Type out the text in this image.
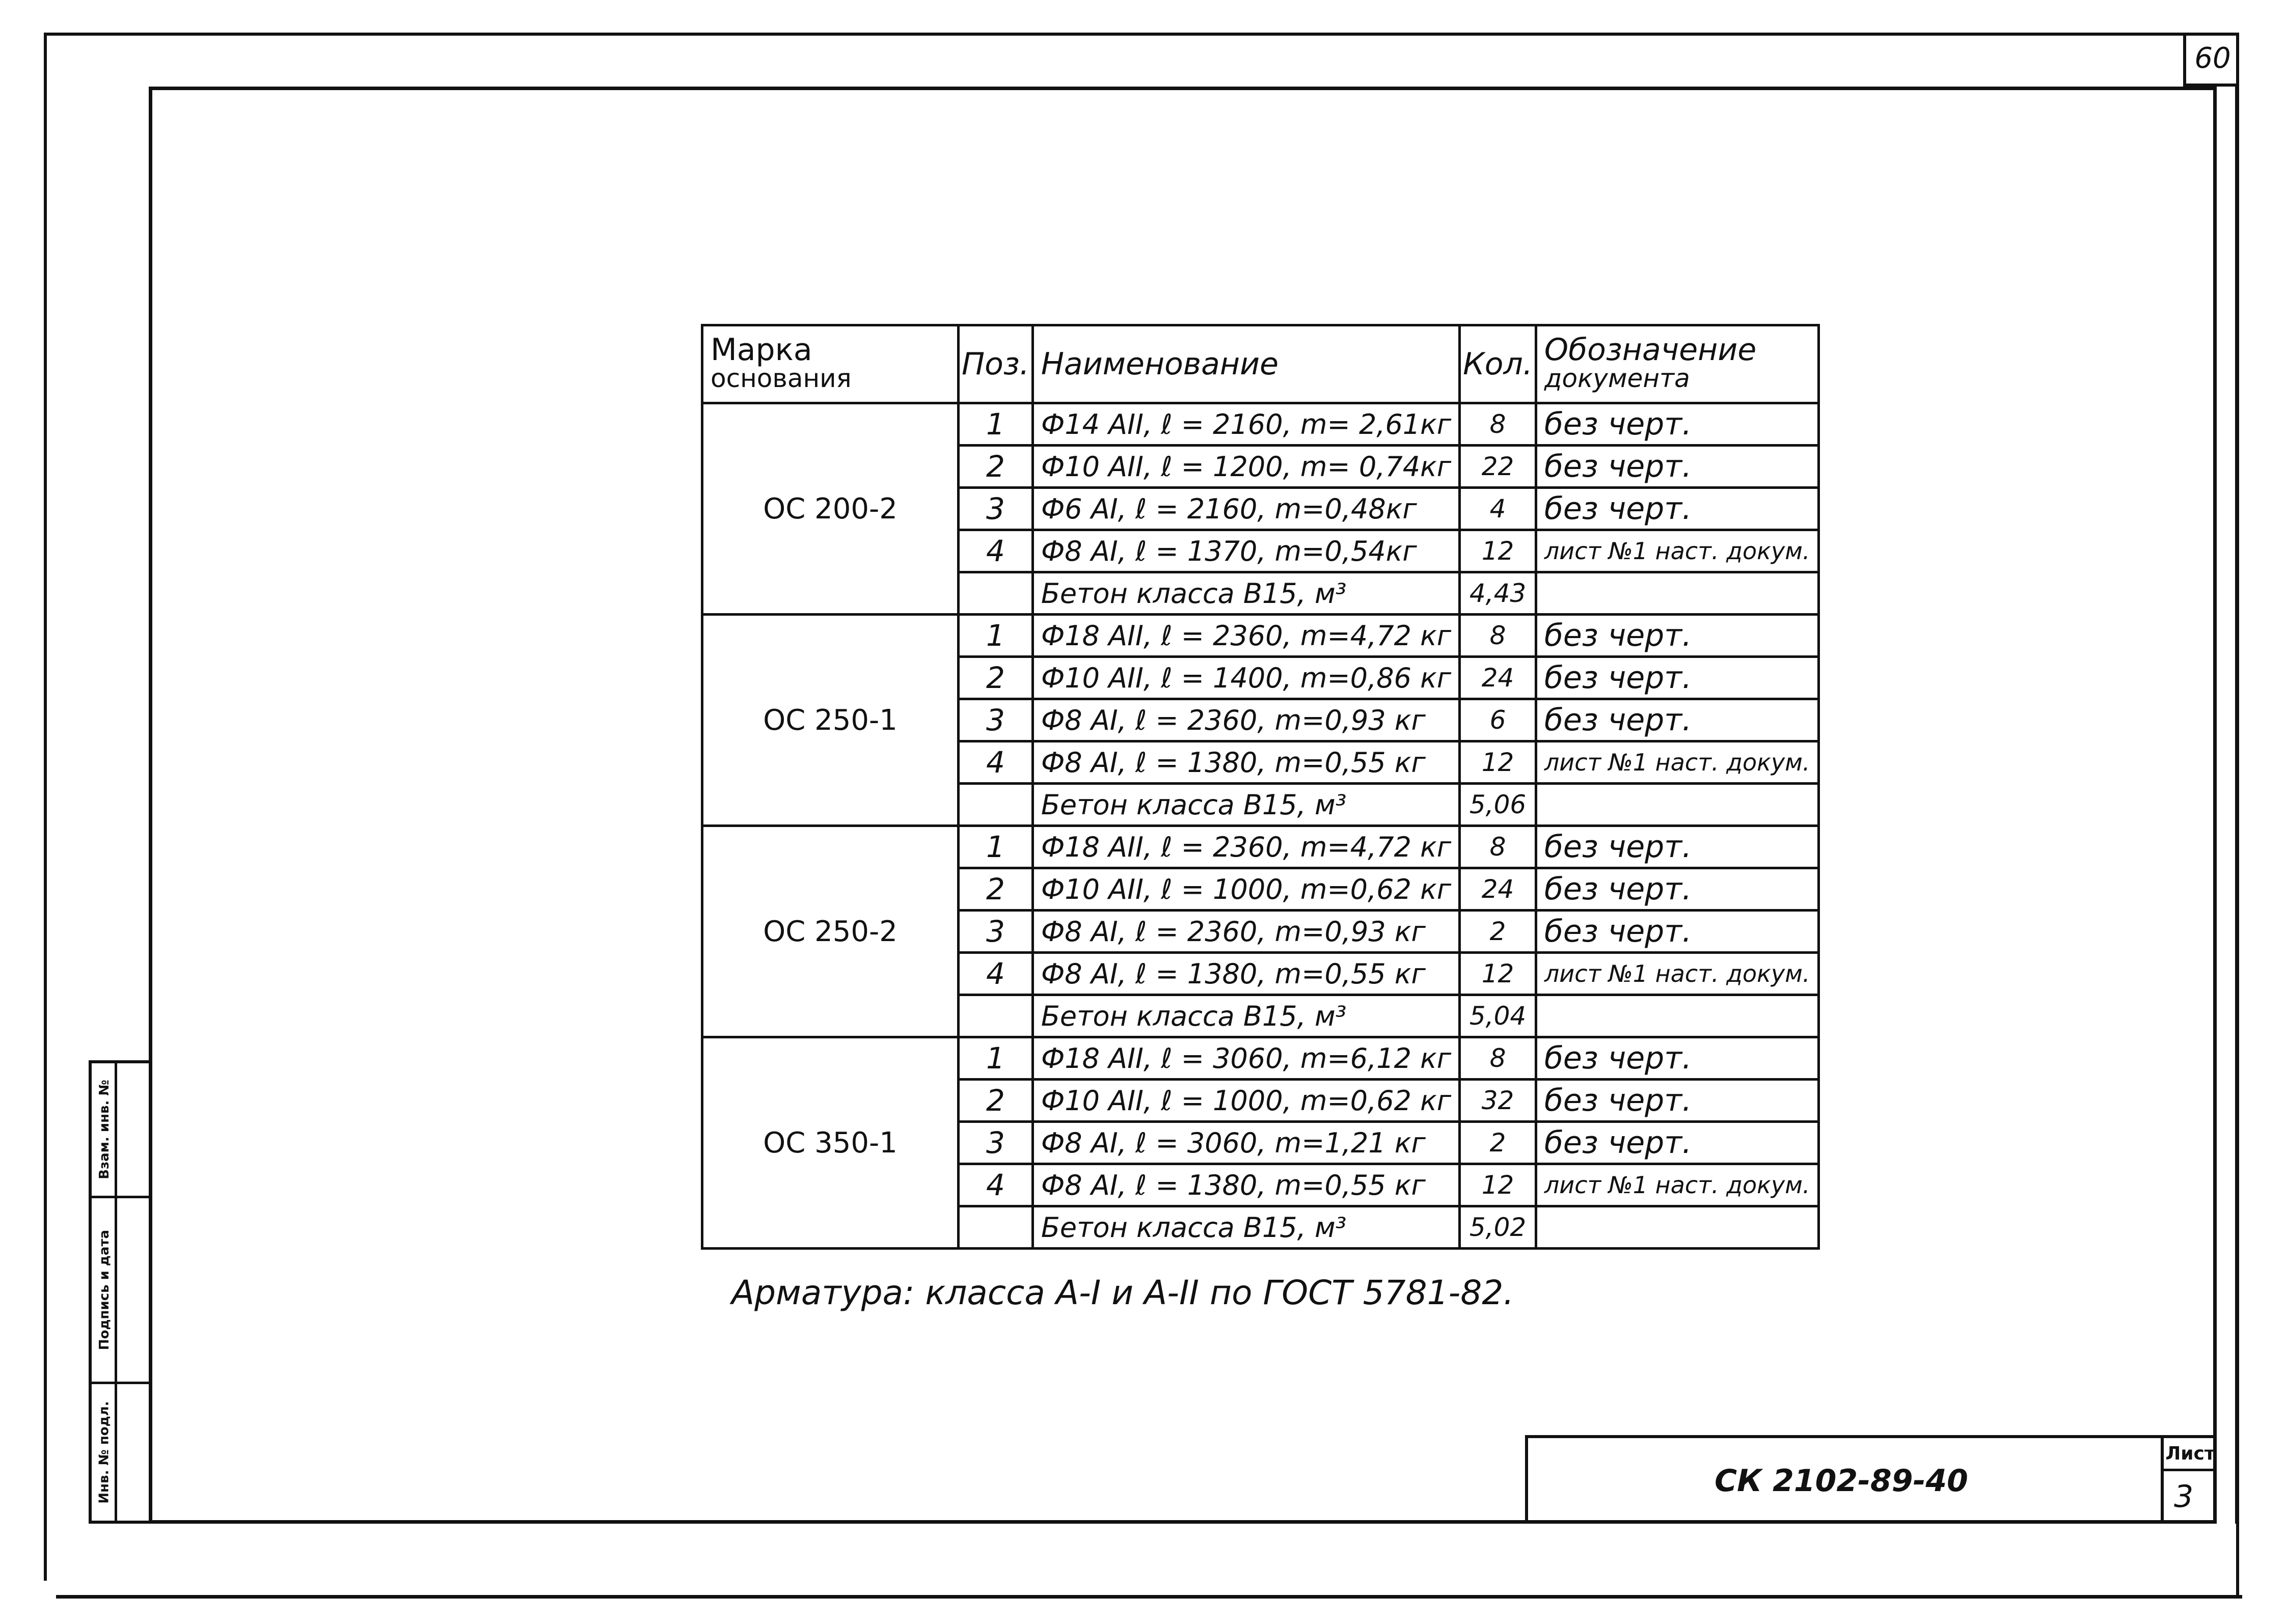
60
Марка
основания	Поз.	Наименование	Кол.	Обозначение
документа

ОС 200-2	1	Ф14 АII, ℓ = 2160, m= 2,61кг	8	без черт.
	2	Ф10 АII, ℓ = 1200, m= 0,74кг	22	без черт.
	3	Ф6 АI, ℓ = 2160, m=0,48кг	4	без черт.
	4	Ф8 АI, ℓ = 1370, m=0,54кг	12	лист №1 наст. докум.
		Бетон класса В15, м³	4,43	
ОС 250-1	1	Ф18 АII, ℓ = 2360, m=4,72 кг	8	без черт.
	2	Ф10 АII, ℓ = 1400, m=0,86 кг	24	без черт.
	3	Ф8 АI, ℓ = 2360, m=0,93 кг	6	без черт.
	4	Ф8 АI, ℓ = 1380, m=0,55 кг	12	лист №1 наст. докум.
		Бетон класса В15, м³	5,06	
ОС 250-2	1	Ф18 АII, ℓ = 2360, m=4,72 кг	8	без черт.
	2	Ф10 АII, ℓ = 1000, m=0,62 кг	24	без черт.
	3	Ф8 АI, ℓ = 2360, m=0,93 кг	2	без черт.
	4	Ф8 АI, ℓ = 1380, m=0,55 кг	12	лист №1 наст. докум.
		Бетон класса В15, м³	5,04	
ОС 350-1	1	Ф18 АII, ℓ = 3060, m=6,12 кг	8	без черт.
	2	Ф10 АII, ℓ = 1000, m=0,62 кг	32	без черт.
	3	Ф8 АI, ℓ = 3060, m=1,21 кг	2	без черт.
	4	Ф8 АI, ℓ = 1380, m=0,55 кг	12	лист №1 наст. докум.
		Бетон класса В15, м³	5,02	
Арматура: класса А-I и А-II по ГОСТ 5781-82.
СК 2102-89-40
Лист
3
Взам. инв. №
Подпись и дата
Инв. № подл.
